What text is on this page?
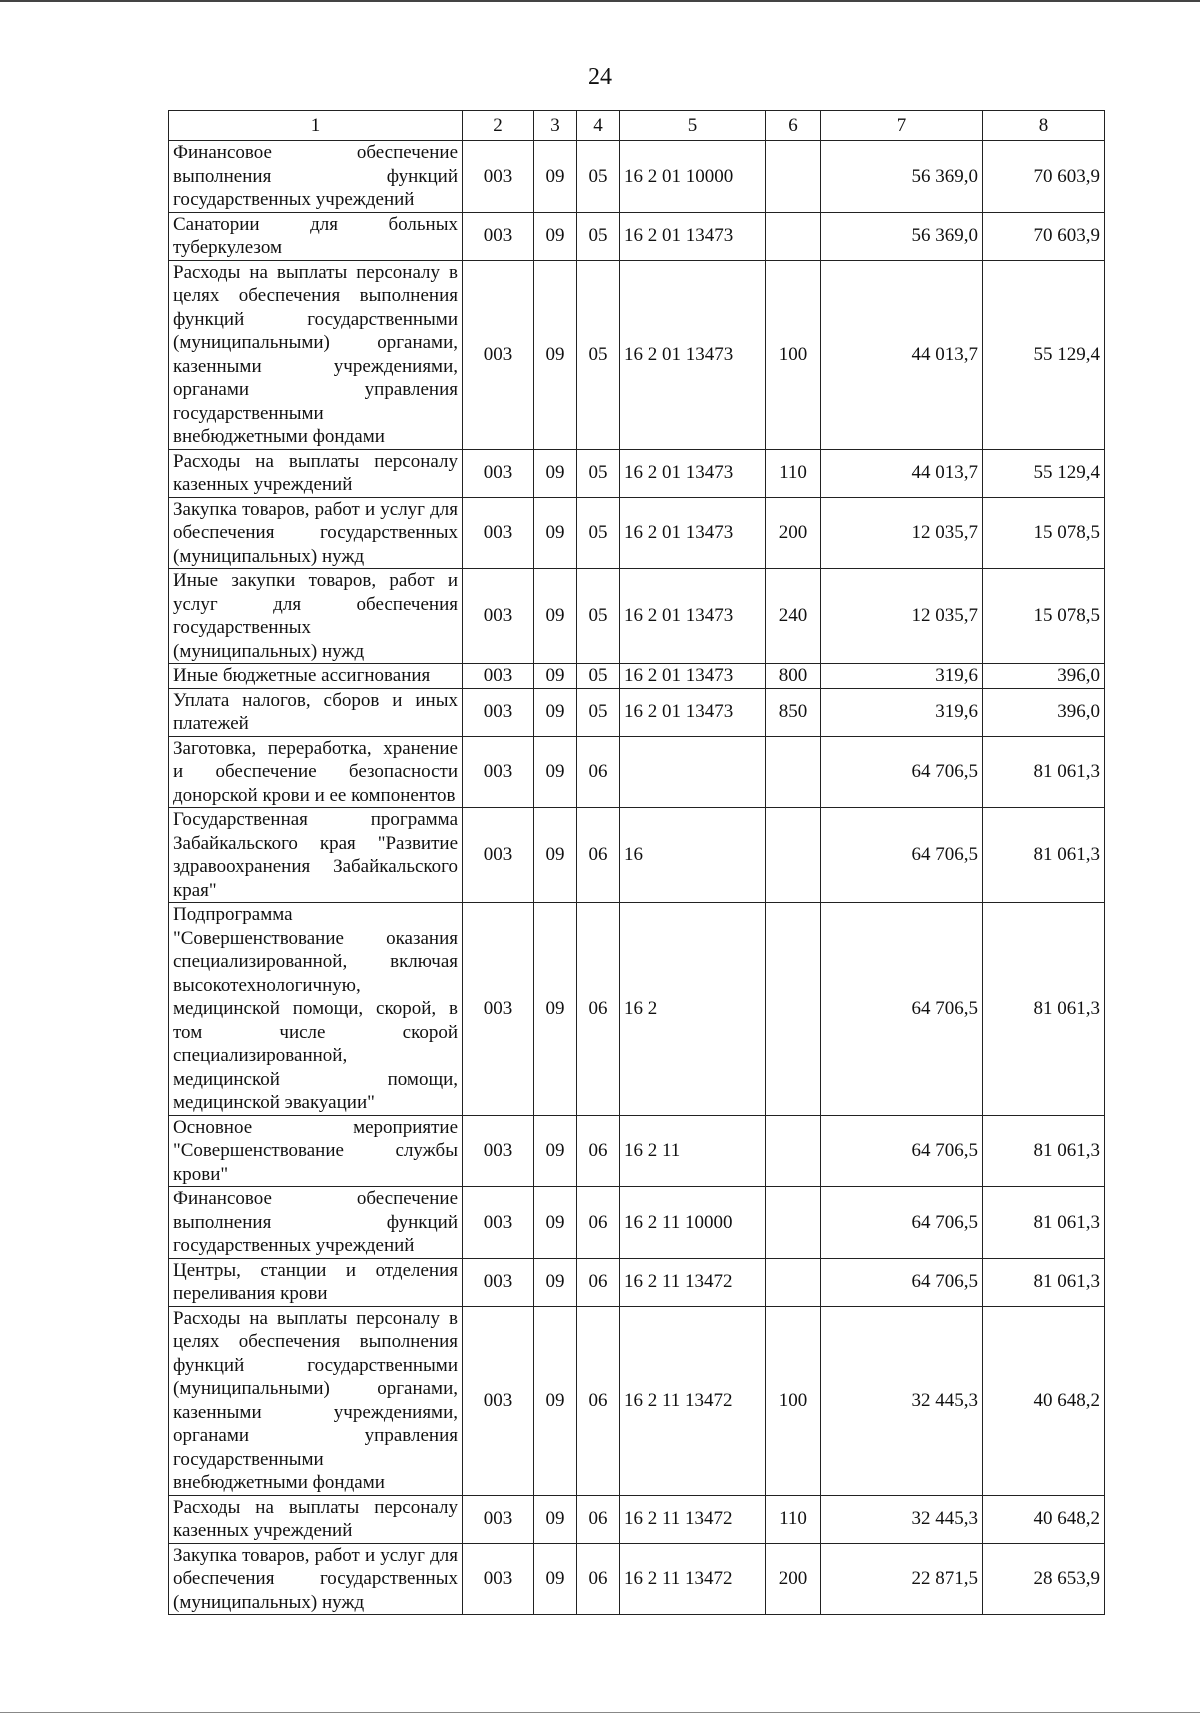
24
1	2	3	4	5	6	7	8
Финансовое обеспечение выполнения функций государственных учреждений	003	09	05	16 2 01 10000		56 369,0	70 603,9
Санатории для больных туберкулезом	003	09	05	16 2 01 13473		56 369,0	70 603,9
Расходы на выплаты персоналу в целях обеспечения выполнения функций государственными (муниципальными) органами, казенными учреждениями, органами управления государственными внебюджетными фондами	003	09	05	16 2 01 13473	100	44 013,7	55 129,4
Расходы на выплаты персоналу казенных учреждений	003	09	05	16 2 01 13473	110	44 013,7	55 129,4
Закупка товаров, работ и услуг для обеспечения государственных (муниципальных) нужд	003	09	05	16 2 01 13473	200	12 035,7	15 078,5
Иные закупки товаров, работ и услуг для обеспечения государственных (муниципальных) нужд	003	09	05	16 2 01 13473	240	12 035,7	15 078,5
Иные бюджетные ассигнования	003	09	05	16 2 01 13473	800	319,6	396,0
Уплата налогов, сборов и иных платежей	003	09	05	16 2 01 13473	850	319,6	396,0
Заготовка, переработка, хранение и обеспечение безопасности донорской крови и ее компонентов	003	09	06			64 706,5	81 061,3
Государственная программа Забайкальского края "Развитие здравоохранения Забайкальского края"	003	09	06	16		64 706,5	81 061,3
Подпрограмма "Совершенствование оказания специализированной, включая высокотехнологичную, медицинской помощи, скорой, в том числе скорой специализированной, медицинской помощи, медицинской эвакуации"	003	09	06	16 2		64 706,5	81 061,3
Основное мероприятие "Совершенствование службы крови"	003	09	06	16 2 11		64 706,5	81 061,3
Финансовое обеспечение выполнения функций государственных учреждений	003	09	06	16 2 11 10000		64 706,5	81 061,3
Центры, станции и отделения переливания крови	003	09	06	16 2 11 13472		64 706,5	81 061,3
Расходы на выплаты персоналу в целях обеспечения выполнения функций государственными (муниципальными) органами, казенными учреждениями, органами управления государственными внебюджетными фондами	003	09	06	16 2 11 13472	100	32 445,3	40 648,2
Расходы на выплаты персоналу казенных учреждений	003	09	06	16 2 11 13472	110	32 445,3	40 648,2
Закупка товаров, работ и услуг для обеспечения государственных (муниципальных) нужд	003	09	06	16 2 11 13472	200	22 871,5	28 653,9
